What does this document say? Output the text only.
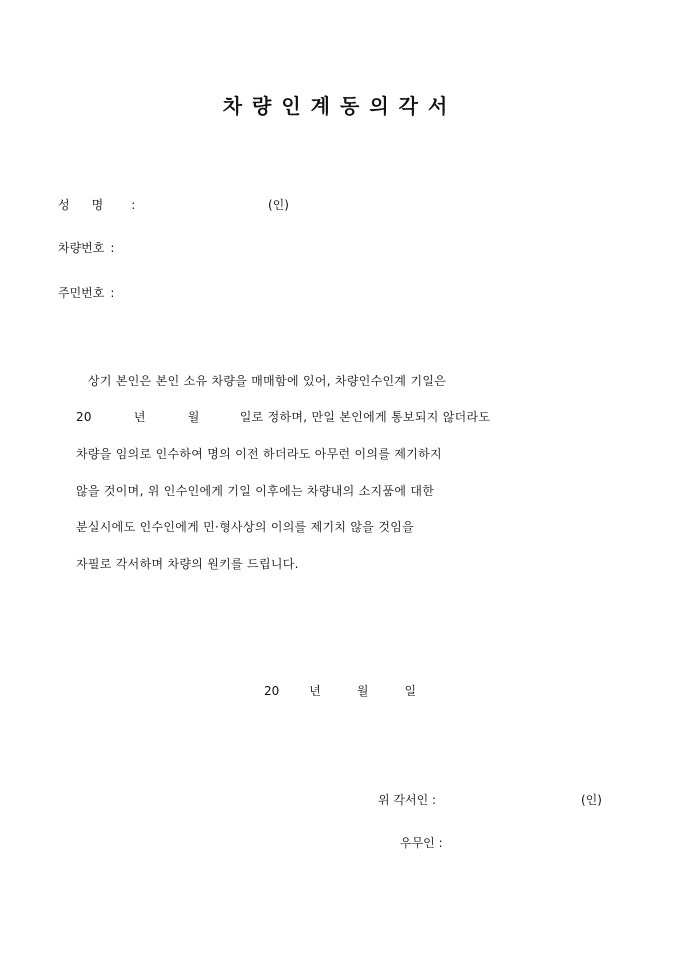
차량인계동의각서
성명 :	(인)
차량번호 :
주민번호 :
상기 본인은 본인 소유 차량을 매매함에 있어, 차량인수인계 기일은
20	년	월	일로 정하며, 만일 본인에게 통보되지 않더라도
차량을 임의로 인수하여 명의 이전 하더라도 아무런 이의를 제기하지
않을 것이며, 위 인수인에게 기일 이후에는 차량내의 소지품에 대한
분실시에도 인수인에게 민·형사상의 이의를 제기치 않을 것임을
자필로 각서하며 차량의 원키를 드립니다.
20	년	월	일
위 각서인 :	(인)
우무인 :
